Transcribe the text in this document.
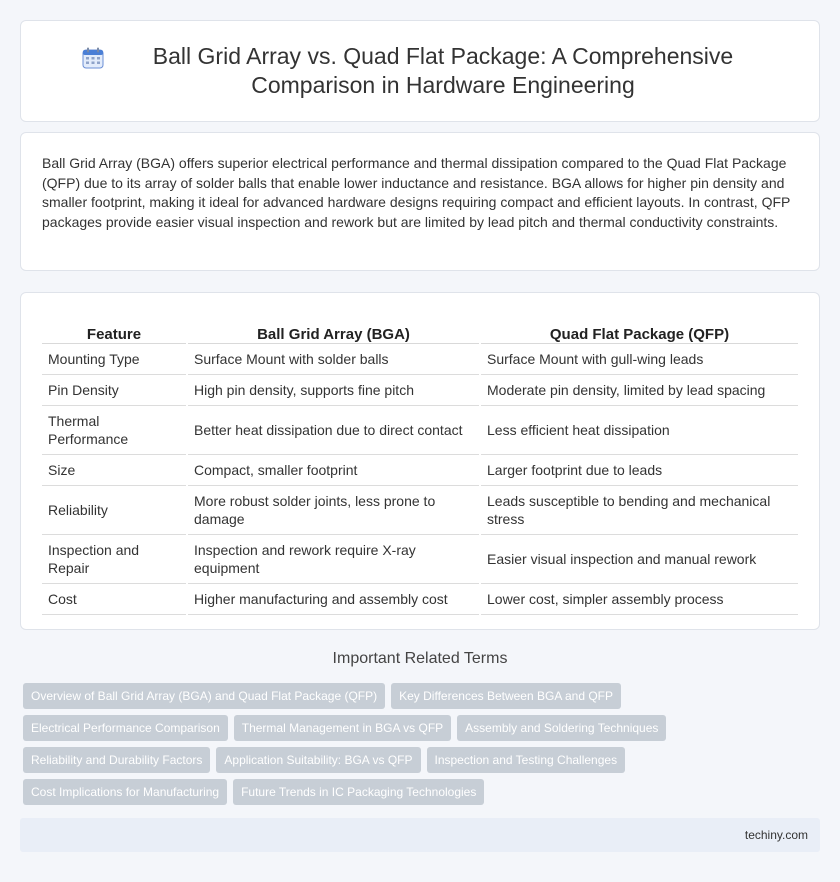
Ball Grid Array vs. Quad Flat Package: A Comprehensive Comparison in Hardware Engineering

Ball Grid Array (BGA) offers superior electrical performance and thermal dissipation compared to the Quad Flat Package (QFP) due to its array of solder balls that enable lower inductance and resistance. BGA allows for higher pin density and smaller footprint, making it ideal for advanced hardware designs requiring compact and efficient layouts. In contrast, QFP packages provide easier visual inspection and rework but are limited by lead pitch and thermal conductivity constraints.

Feature	Ball Grid Array (BGA)	Quad Flat Package (QFP)
Mounting Type	Surface Mount with solder balls	Surface Mount with gull-wing leads
Pin Density	High pin density, supports fine pitch	Moderate pin density, limited by lead spacing
Thermal Performance	Better heat dissipation due to direct contact	Less efficient heat dissipation
Size	Compact, smaller footprint	Larger footprint due to leads
Reliability	More robust solder joints, less prone to damage	Leads susceptible to bending and mechanical stress
Inspection and Repair	Inspection and rework require X-ray equipment	Easier visual inspection and manual rework
Cost	Higher manufacturing and assembly cost	Lower cost, simpler assembly process
Important Related Terms
Overview of Ball Grid Array (BGA) and Quad Flat Package (QFP)	Key Differences Between BGA and QFP
Electrical Performance Comparison	Thermal Management in BGA vs QFP	Assembly and Soldering Techniques
Reliability and Durability Factors	Application Suitability: BGA vs QFP	Inspection and Testing Challenges
Cost Implications for Manufacturing	Future Trends in IC Packaging Technologies
techiny.com
